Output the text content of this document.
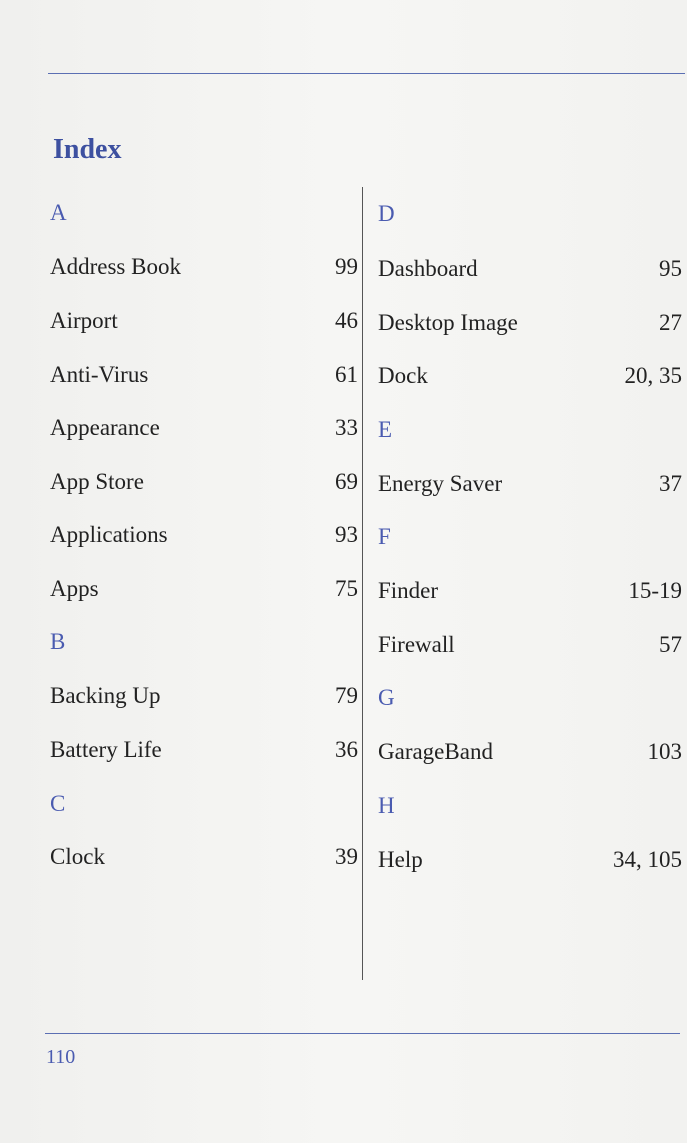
Index
A
Address Book	99
Airport	46
Anti-Virus	61
Appearance	33
App Store	69
Applications	93
Apps	75
B
Backing Up	79
Battery Life	36
C
Clock	39
D
Dashboard	95
Desktop Image	27
Dock	20, 35
E
Energy Saver	37
F
Finder	15-19
Firewall	57
G
GarageBand	103
H
Help	34, 105
110
